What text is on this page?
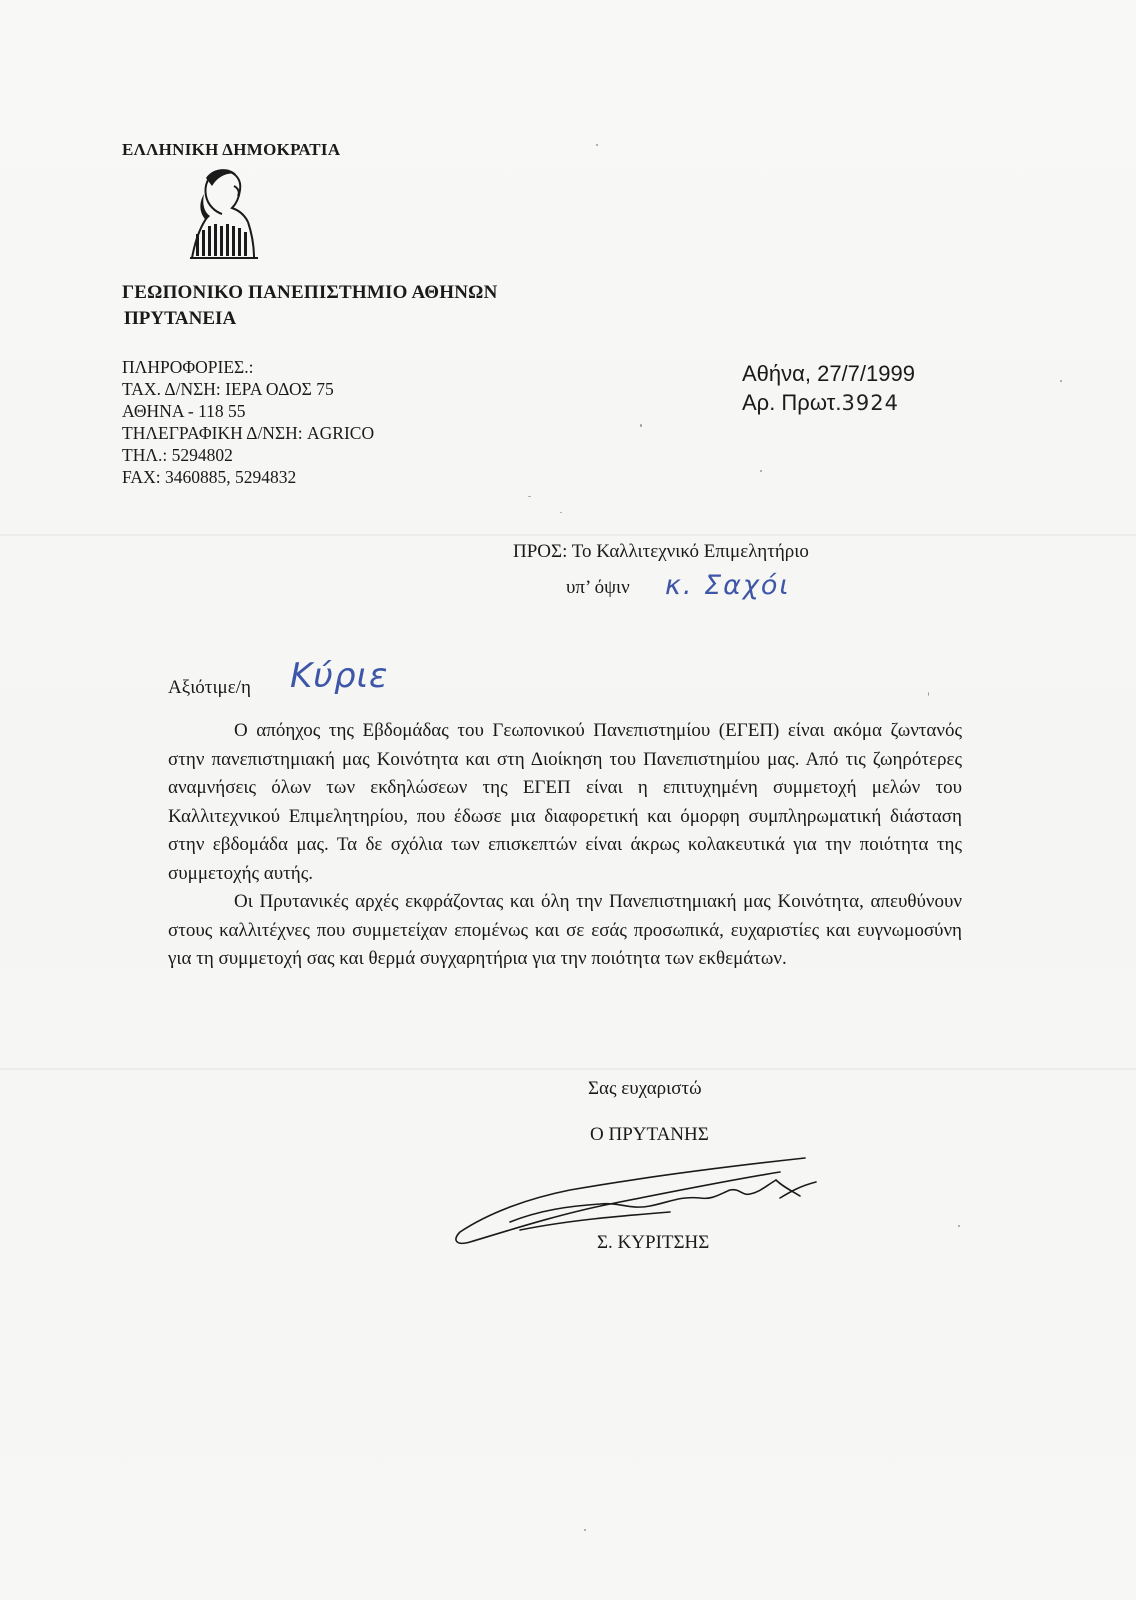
ΕΛΛΗΝΙΚΗ ΔΗΜΟΚΡΑΤΙΑ
ΓΕΩΠΟΝΙΚΟ ΠΑΝΕΠΙΣΤΗΜΙΟ ΑΘΗΝΩΝ
ΠΡΥΤΑΝΕΙΑ
ΠΛΗΡΟΦΟΡΙΕΣ.:
ΤΑΧ. Δ/ΝΣΗ: ΙΕΡΑ ΟΔΟΣ 75
ΑΘΗΝΑ - 118 55
ΤΗΛΕΓΡΑΦΙΚΗ Δ/ΝΣΗ: AGRICO
ΤΗΛ.: 5294802
FAX: 3460885, 5294832
Αθήνα, 27/7/1999
Αρ. Πρωτ.3924
ΠΡΟΣ: Το Καλλιτεχνικό Επιμελητήριο
υπ’ όψιν κ. Σαχόι
Αξιότιμε/η Κύριε

Ο απόηχος της Εβδομάδας του Γεωπονικού Πανεπιστημίου (ΕΓΕΠ) είναι ακόμα ζωντανός στην πανεπιστημιακή μας Κοινότητα και στη Διοίκηση του Πανεπιστημίου μας. Από τις ζωηρότερες αναμνήσεις όλων των εκδηλώσεων της ΕΓΕΠ είναι η επιτυχημένη συμμετοχή μελών του Καλλιτεχνικού Επιμελητηρίου, που έδωσε μια διαφορετική και όμορφη συμπληρωματική διάσταση στην εβδομάδα μας. Τα δε σχόλια των επισκεπτών είναι άκρως κολακευτικά για την ποιότητα της συμμετοχής αυτής.

Οι Πρυτανικές αρχές εκφράζοντας και όλη την Πανεπιστημιακή μας Κοινότητα, απευθύνουν στους καλλιτέχνες που συμμετείχαν επομένως και σε εσάς προσωπικά, ευχαριστίες και ευγνωμοσύνη για τη συμμετοχή σας και θερμά συγχαρητήρια για την ποιότητα των εκθεμάτων.

Σας ευχαριστώ
Ο ΠΡΥΤΑΝΗΣ
Σ. ΚΥΡΙΤΣΗΣ
